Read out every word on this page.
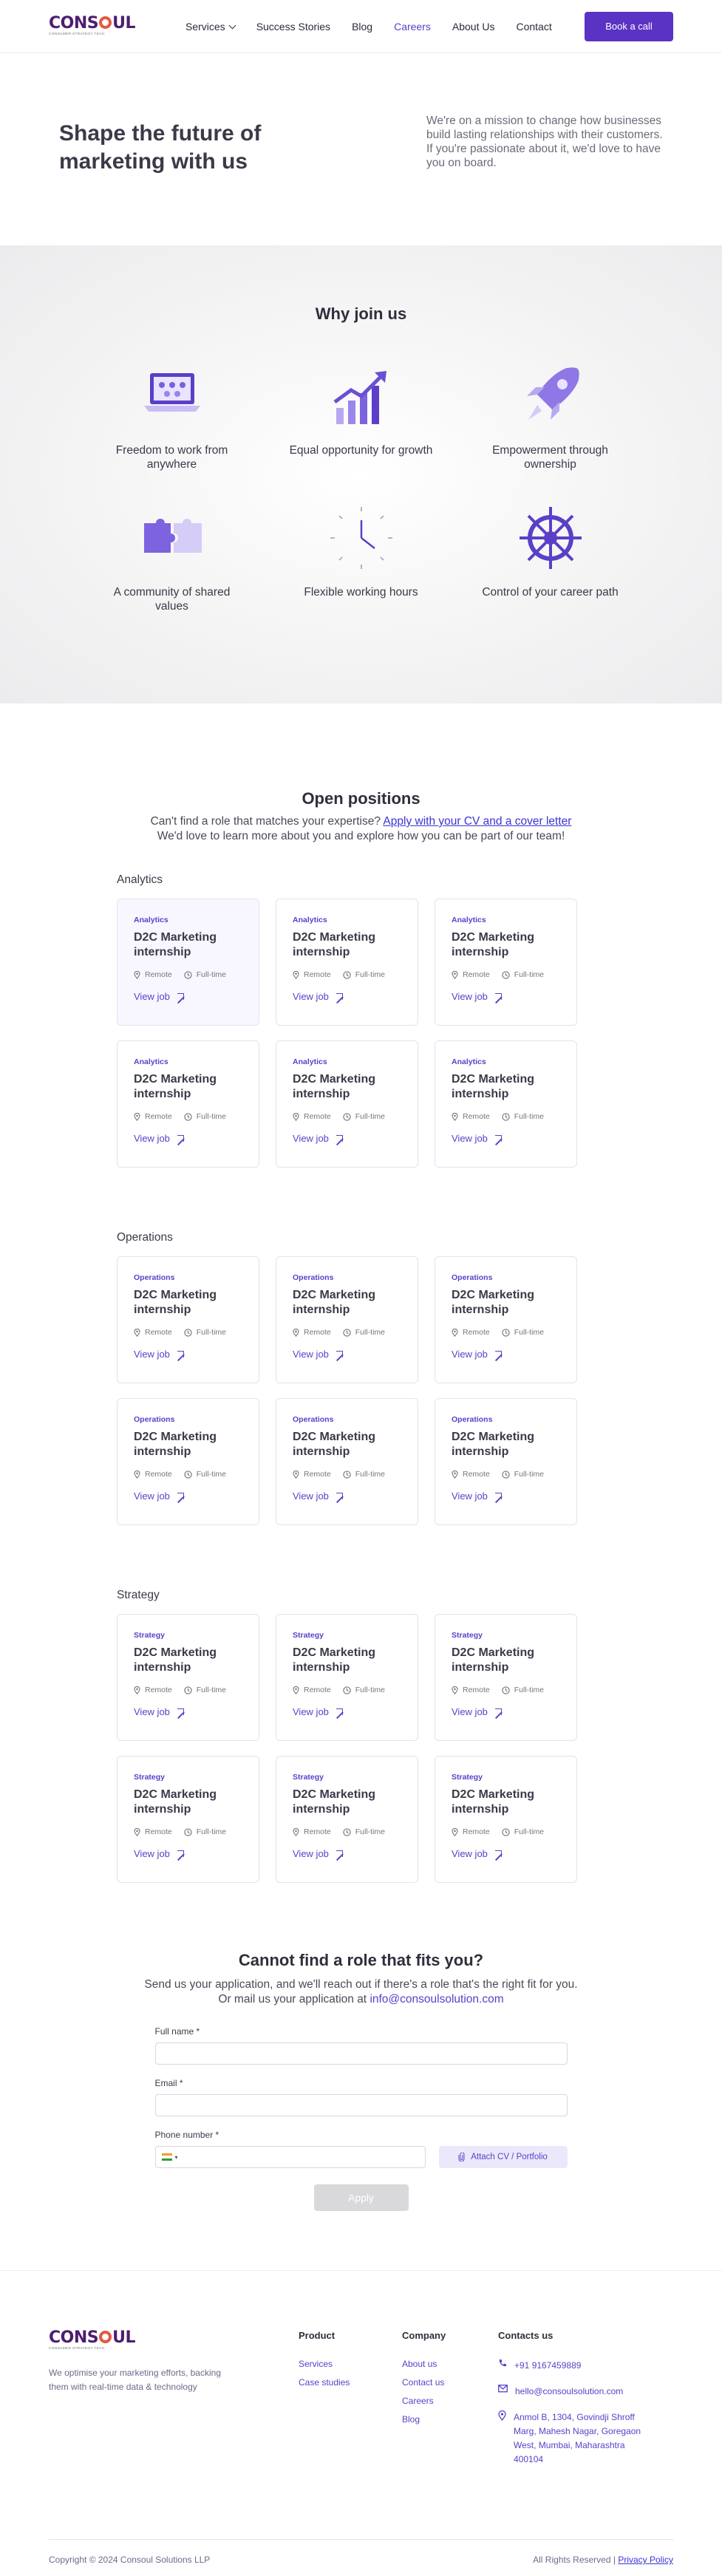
CONS UL
CONSUMER STRATEGY TECH
Services	Success Stories Blog Careers About Us Contact	Book a call
Shape the future of marketing with us

We're on a mission to change how businesses build lasting relationships with their customers. If you're passionate about it, we'd love to have you on board.

Why join us
Freedom to work from anywhere
Equal opportunity for growth	Empowerment through ownership
A community of shared values
Flexible working hours	Control of your career path
Open positions
Can't find a role that matches your expertise? Apply with your CV and a cover letter
We'd love to learn more about you and explore how you can be part of our team!
Analytics
Analytics
D2C Marketing internship
Remote	Full-time
View job
Analytics
D2C Marketing internship
Remote	Full-time
View job
Analytics
D2C Marketing internship
Remote	Full-time
View job
Analytics
D2C Marketing internship
Remote	Full-time
View job
Analytics
D2C Marketing internship
Remote	Full-time
View job
Analytics
D2C Marketing internship
Remote	Full-time
View job
Operations
Operations
D2C Marketing internship
Remote	Full-time
View job
Operations
D2C Marketing internship
Remote	Full-time
View job
Operations
D2C Marketing internship
Remote	Full-time
View job
Operations
D2C Marketing internship
Remote	Full-time
View job
Operations
D2C Marketing internship
Remote	Full-time
View job
Operations
D2C Marketing internship
Remote	Full-time
View job
Strategy
Strategy
D2C Marketing internship
Remote	Full-time
View job
Strategy
D2C Marketing internship
Remote	Full-time
View job
Strategy
D2C Marketing internship
Remote	Full-time
View job
Strategy
D2C Marketing internship
Remote	Full-time
View job
Strategy
D2C Marketing internship
Remote	Full-time
View job
Strategy
D2C Marketing internship
Remote	Full-time
View job
Cannot find a role that fits you?
Send us your application, and we'll reach out if there's a role that's the right fit for you.
Or mail us your application at info@consoulsolution.com
Full name *
Email *
Phone number *
▾	Attach CV / Portfolio
Apply
CONS UL
CONSUMER STRATEGY TECH

We optimise your marketing efforts, backing them with real-time data & technology

Product
Services
Case studies
Company
About us
Contact us
Careers
Blog
Contacts us
+91 9167459889
hello@consoulsolution.com
Anmol B, 1304, Govindji Shroff Marg, Mahesh Nagar, Goregaon West, Mumbai, Maharashtra 400104
Copyright © 2024 Consoul Solutions LLP	All Rights Reserved | Privacy Policy
